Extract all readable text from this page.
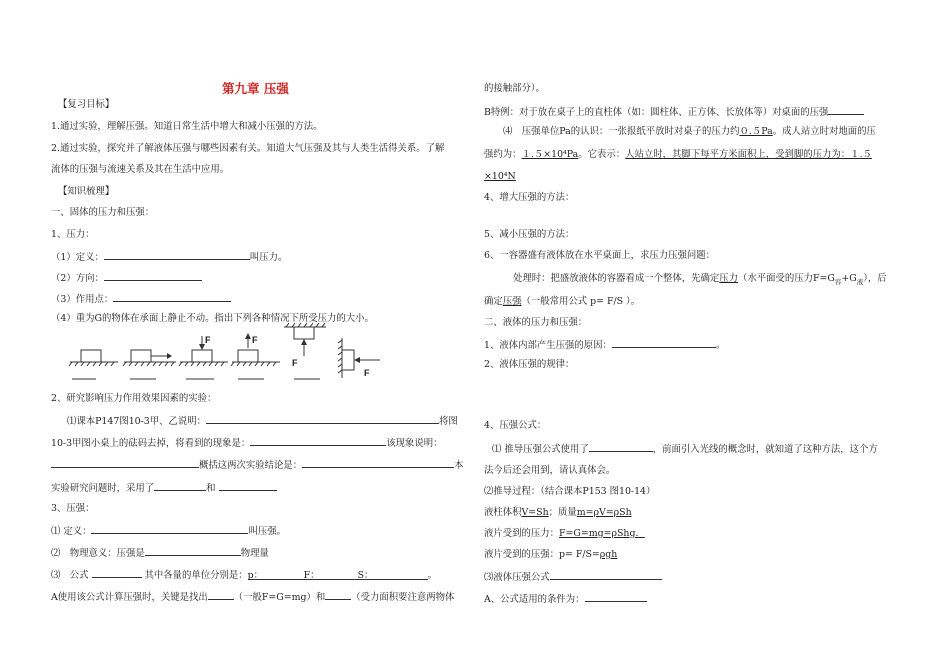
第九章 压强
【复习目标】
1.通过实验，理解压强。知道日常生活中增大和减小压强的方法。
2.通过实验，探究并了解液体压强与哪些因素有关。知道大气压强及其与人类生活得关系。了解
流体的压强与流速关系及其在生活中应用。
【知识梳理】
一、固体的压力和压强：
1、压力：
（1）定义：	叫压力。
（2）方向：
（3）作用点：
（4）重为G的物体在承面上静止不动。指出下列各种情况下所受压力的大小。
F	F
F
F
2、研究影响压力作用效果因素的实验：
⑴课本P147图10-3甲、乙说明：	将图
10-3甲图小桌上的砝码去掉，将看到的现象是：	该现象说明：
概括这两次实验结论是：	本
实验研究问题时，采用了	和
3、压强：
⑴ 定义：	叫压强。
⑵　物理意义：压强是	物理量
⑶　公式	其中各量的单位分别是：p：	F：	S：	。
A使用该公式计算压强时，关键是找出	（一般F=G=mg）和	（受力面积要注意两物体
的接触部分）。
B特例：对于放在桌子上的直柱体（如：圆柱体、正方体、长放体等）对桌面的压强
⑷　压强单位Pa的认识：一张报纸平放时对桌子的压力约０.５Pa。成人站立时对地面的压
强约为：１.５×10⁴Pa。它表示：人站立时，其脚下每平方米面积上，受到脚的压力为：１.５
×10⁴N
4、增大压强的方法：
5、减小压强的方法：
6、一容器盛有液体放在水平桌面上，求压力压强问题：
处理时：把盛放液体的容器看成一个整体，先确定压力（水平面受的压力$F=G_容+G_液$），后
确定压强（一般常用公式 p= F/S ）。
二、液体的压力和压强：
1、液体内部产生压强的原因：	。
2、液体压强的规律：
4、压强公式：
⑴ 推导压强公式使用了	，前面引入光线的概念时，就知道了这种方法，这个方
法今后还会用到，请认真体会。
⑵推导过程：（结合课本P153 图10-14）
液柱体积V=Sh；质量m=ρV=ρSh
液片受到的压力：F=G=mg=ρShg．
液片受到的压强：p= F/S=ρgh
⑶液体压强公式
A、公式适用的条件为：
